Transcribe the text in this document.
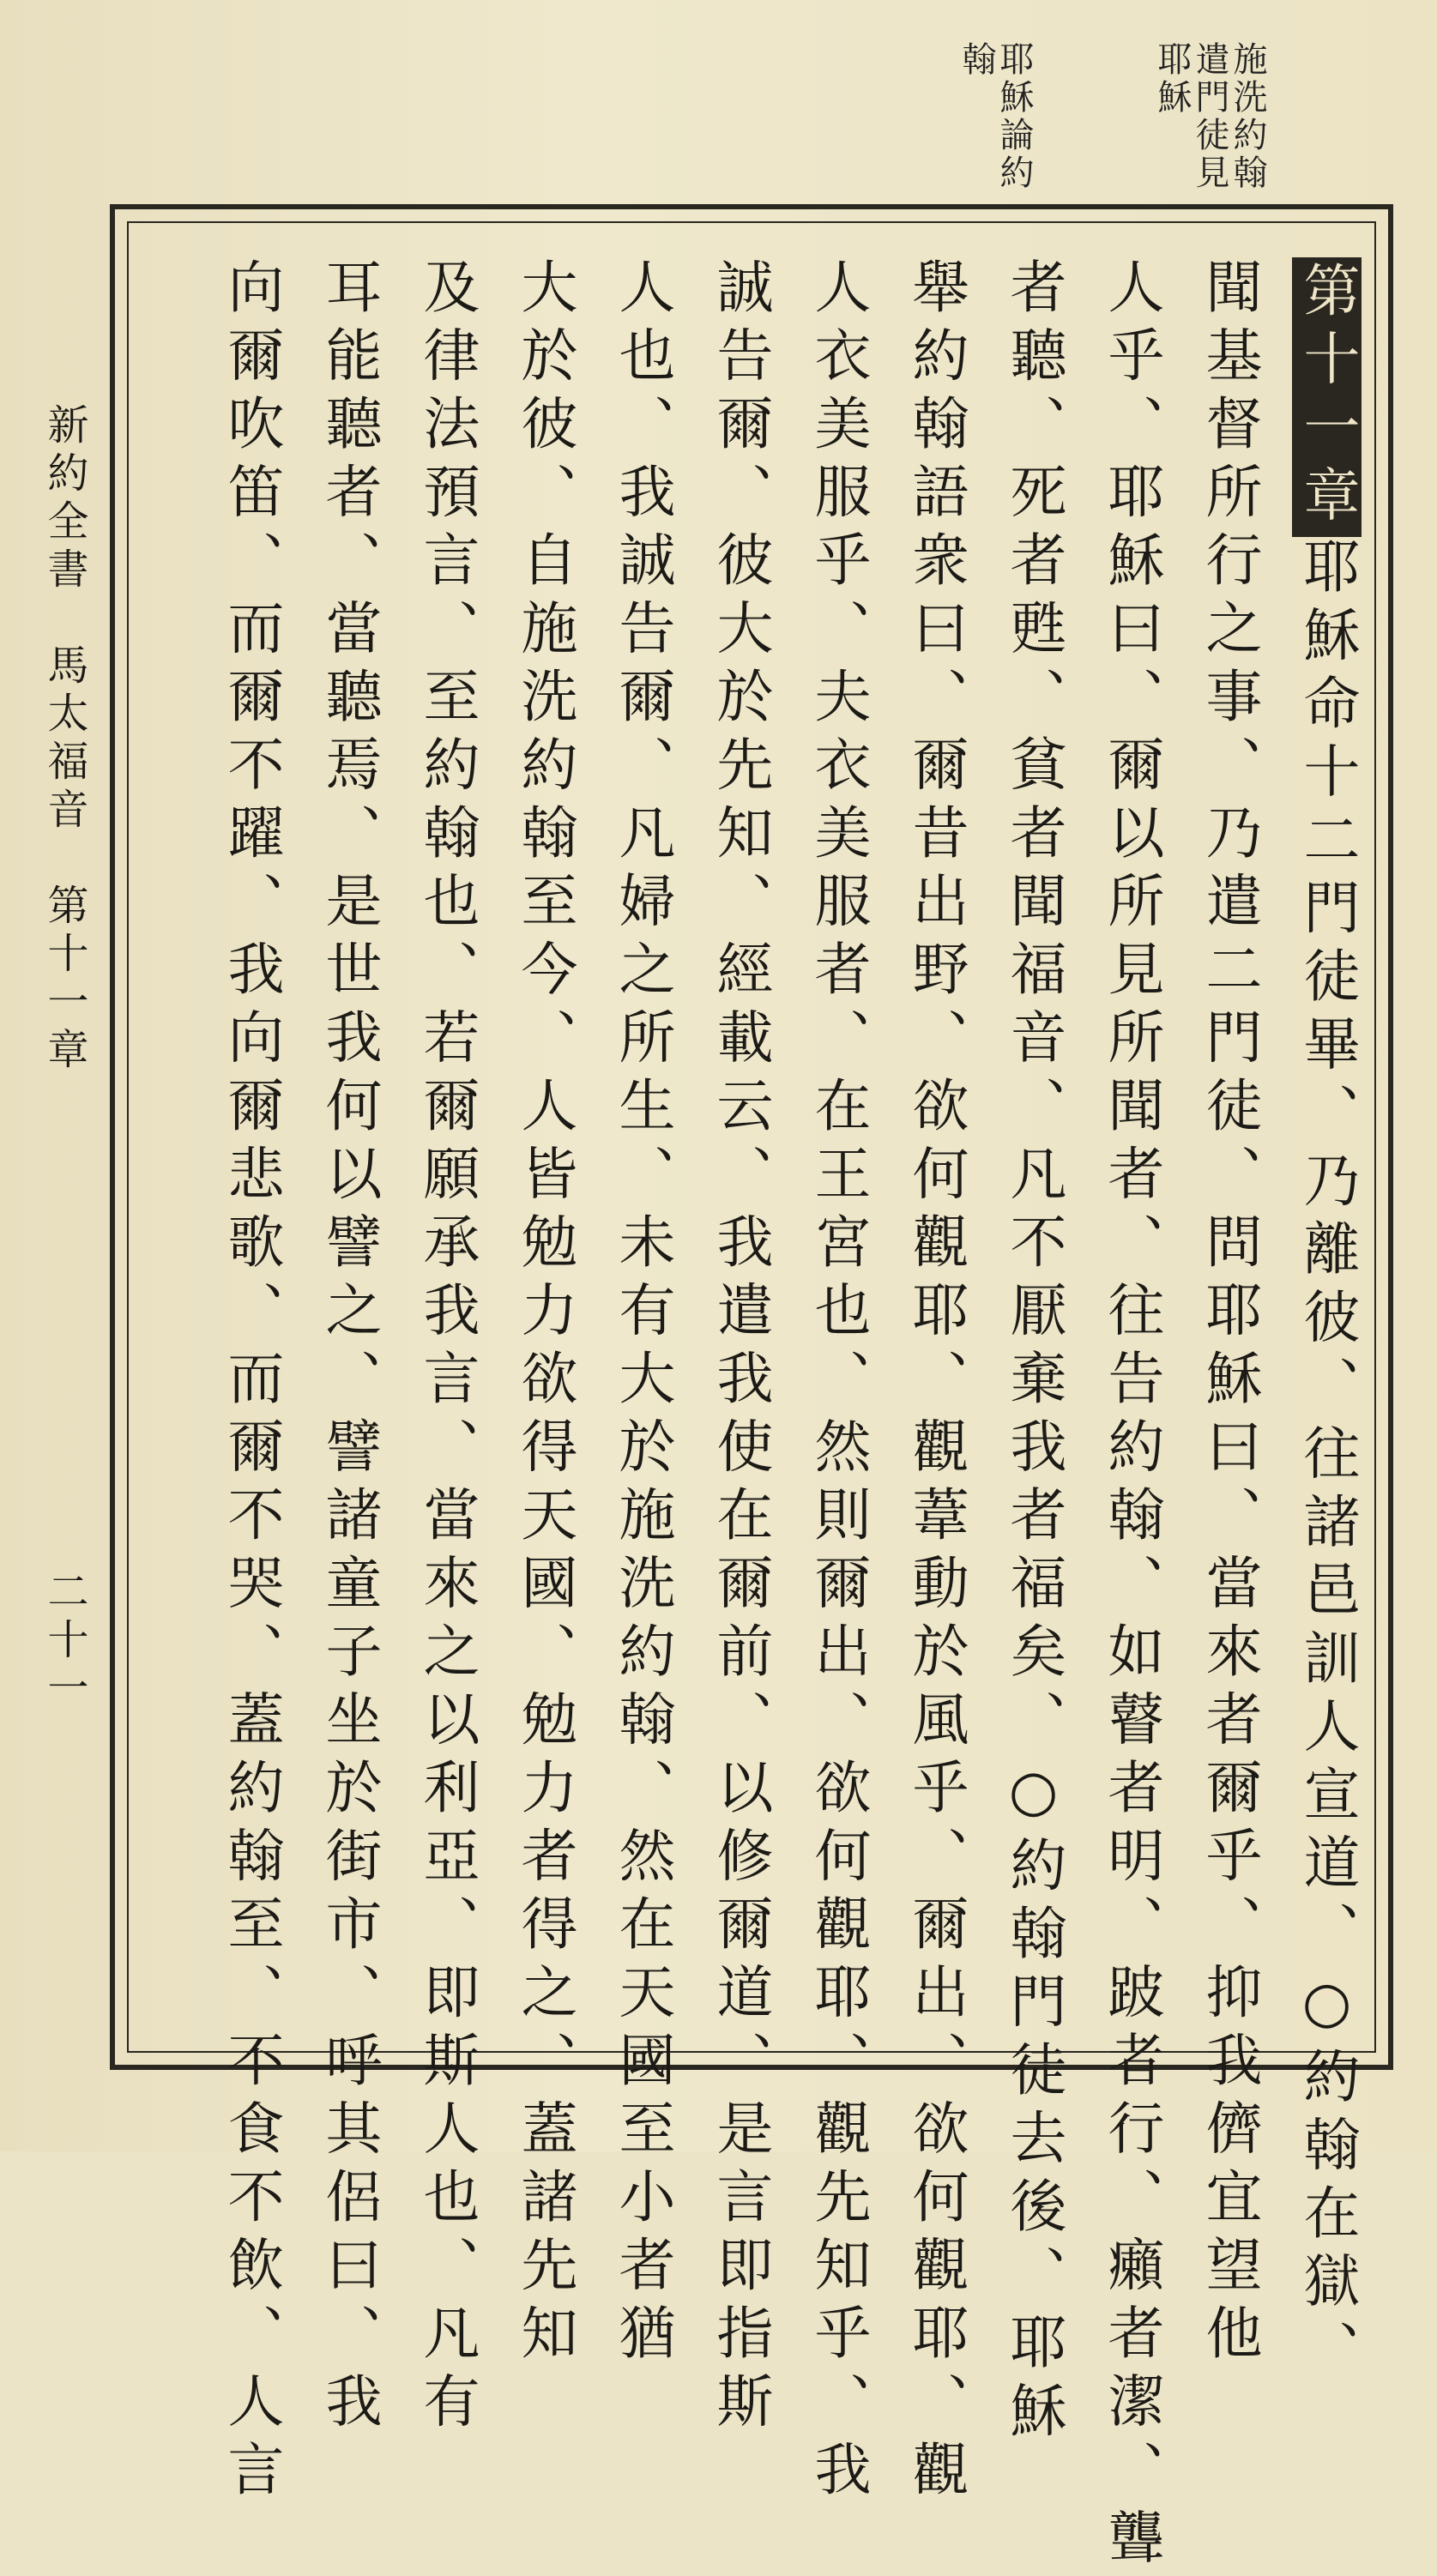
施洗約翰
遣門徒見
耶穌
耶穌論約
翰
第十一章耶穌命十二門徒畢、乃離彼、往諸邑訓人宣道、○約翰在獄、
聞基督所行之事、乃遣二門徒、問耶穌曰、當來者爾乎、抑我儕宜望他
人乎、耶穌曰、爾以所見所聞者、往告約翰、如瞽者明、跛者行、癩者潔、聾
者聽、死者甦、貧者聞福音、凡不厭棄我者福矣、○約翰門徒去後、耶穌
舉約翰語衆曰、爾昔出野、欲何觀耶、觀葦動於風乎、爾出、欲何觀耶、觀
人衣美服乎、夫衣美服者、在王宮也、然則爾出、欲何觀耶、觀先知乎、我
誠告爾、彼大於先知、經載云、我遣我使在爾前、以修爾道、是言即指斯
人也、我誠告爾、凡婦之所生、未有大於施洗約翰、然在天國至小者猶
大於彼、自施洗約翰至今、人皆勉力欲得天國、勉力者得之、蓋諸先知
及律法預言、至約翰也、若爾願承我言、當來之以利亞、即斯人也、凡有
耳能聽者、當聽焉、是世我何以譬之、譬諸童子坐於街市、呼其侶曰、我
向爾吹笛、而爾不躍、我向爾悲歌、而爾不哭、蓋約翰至、不食不飲、人言
新約全書　馬太福音　第十一章
二十一
